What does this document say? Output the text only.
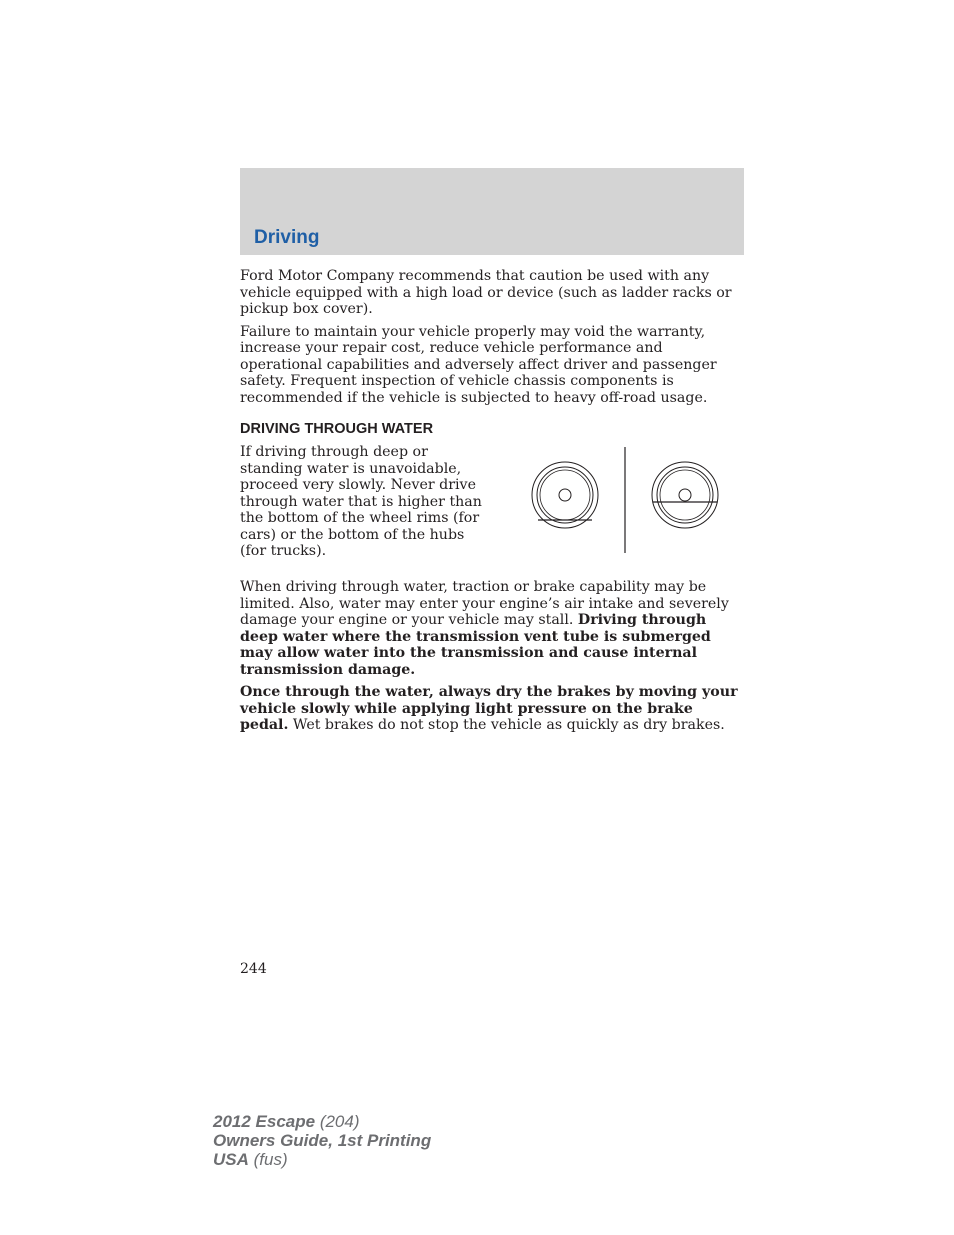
Driving

Ford Motor Company recommends that caution be used with any vehicle equipped with a high load or device (such as ladder racks or pickup box cover).

Failure to maintain your vehicle properly may void the warranty, increase your repair cost, reduce vehicle performance and operational capabilities and adversely affect driver and passenger safety. Frequent inspection of vehicle chassis components is recommended if the vehicle is subjected to heavy off-road usage.

DRIVING THROUGH WATER

If driving through deep or standing water is unavoidable, proceed very slowly. Never drive through water that is higher than the bottom of the wheel rims (for cars) or the bottom of the hubs (for trucks).

When driving through water, traction or brake capability may be limited. Also, water may enter your engine’s air intake and severely damage your engine or your vehicle may stall. Driving through deep water where the transmission vent tube is submerged may allow water into the transmission and cause internal transmission damage.

Once through the water, always dry the brakes by moving your vehicle slowly while applying light pressure on the brake pedal. Wet brakes do not stop the vehicle as quickly as dry brakes.

244
2012 Escape (204)
Owners Guide, 1st Printing
USA (fus)
